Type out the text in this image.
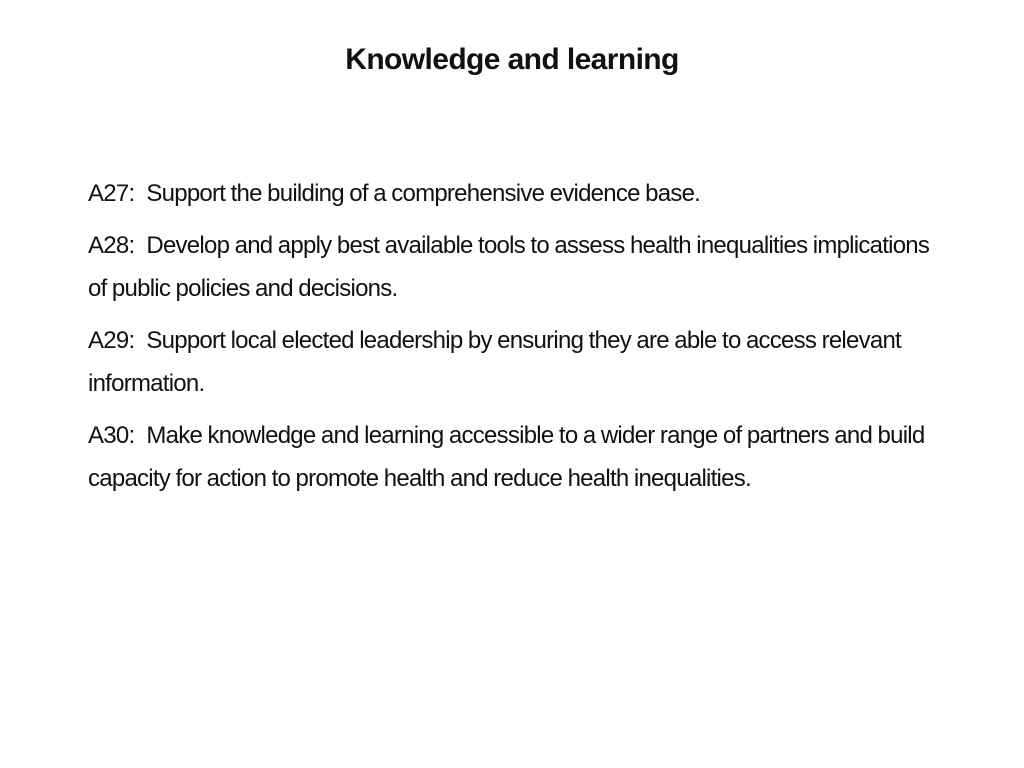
Knowledge and learning

A27: Support the building of a comprehensive evidence base.

A28: Develop and apply best available tools to assess health inequalities implications of public policies and decisions.

A29: Support local elected leadership by ensuring they are able to access relevant information.

A30: Make knowledge and learning accessible to a wider range of partners and build capacity for action to promote health and reduce health inequalities.
